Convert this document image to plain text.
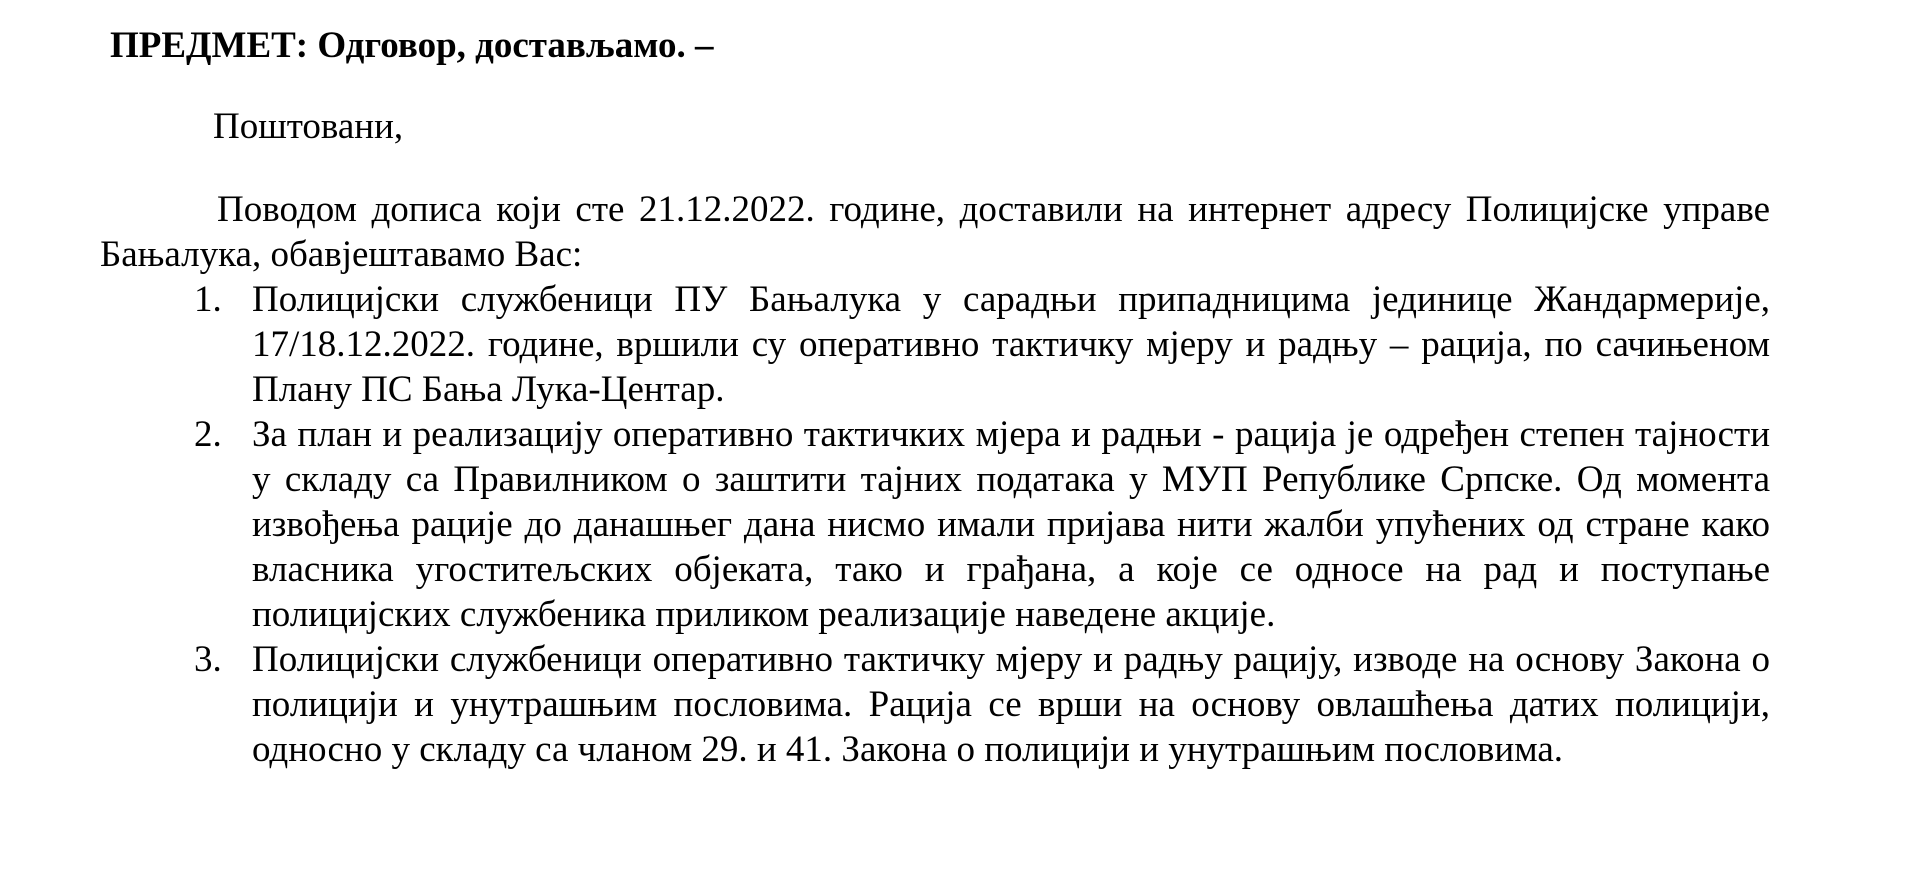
ПРЕДМЕТ: Одговор, достављамо. –
Поштовани,

Поводом дописа који сте 21.12.2022. године, доставили на интернет адресу Полицијске управе Бањалука, обавјештавамо Вас:

1. Полицијски службеници ПУ Бањалука у сарадњи припадницима јединице Жандармерије, 17/18.12.2022. године, вршили су оперативно тактичку мјеру и радњу – рација, по сачињеном Плану ПС Бања Лука-Центар.
2. За план и реализацију оперативно тактичких мјера и радњи - рација је одређен степен тајности у складу са Правилником о заштити тајних података у МУП Републике Српске. Од момента извођења рације до данашњег дана нисмо имали пријава нити жалби упућених од стране како власника угоститељских објеката, тако и грађана, а које се односе на рад и поступање полицијских службеника приликом реализације наведене акције.
3. Полицијски службеници оперативно тактичку мјеру и радњу рацију, изводе на основу Закона о полицији и унутрашњим пословима. Рација се врши на основу овлашћења датих полицији, односно у складу са чланом 29. и 41. Закона о полицији и унутрашњим пословима.
